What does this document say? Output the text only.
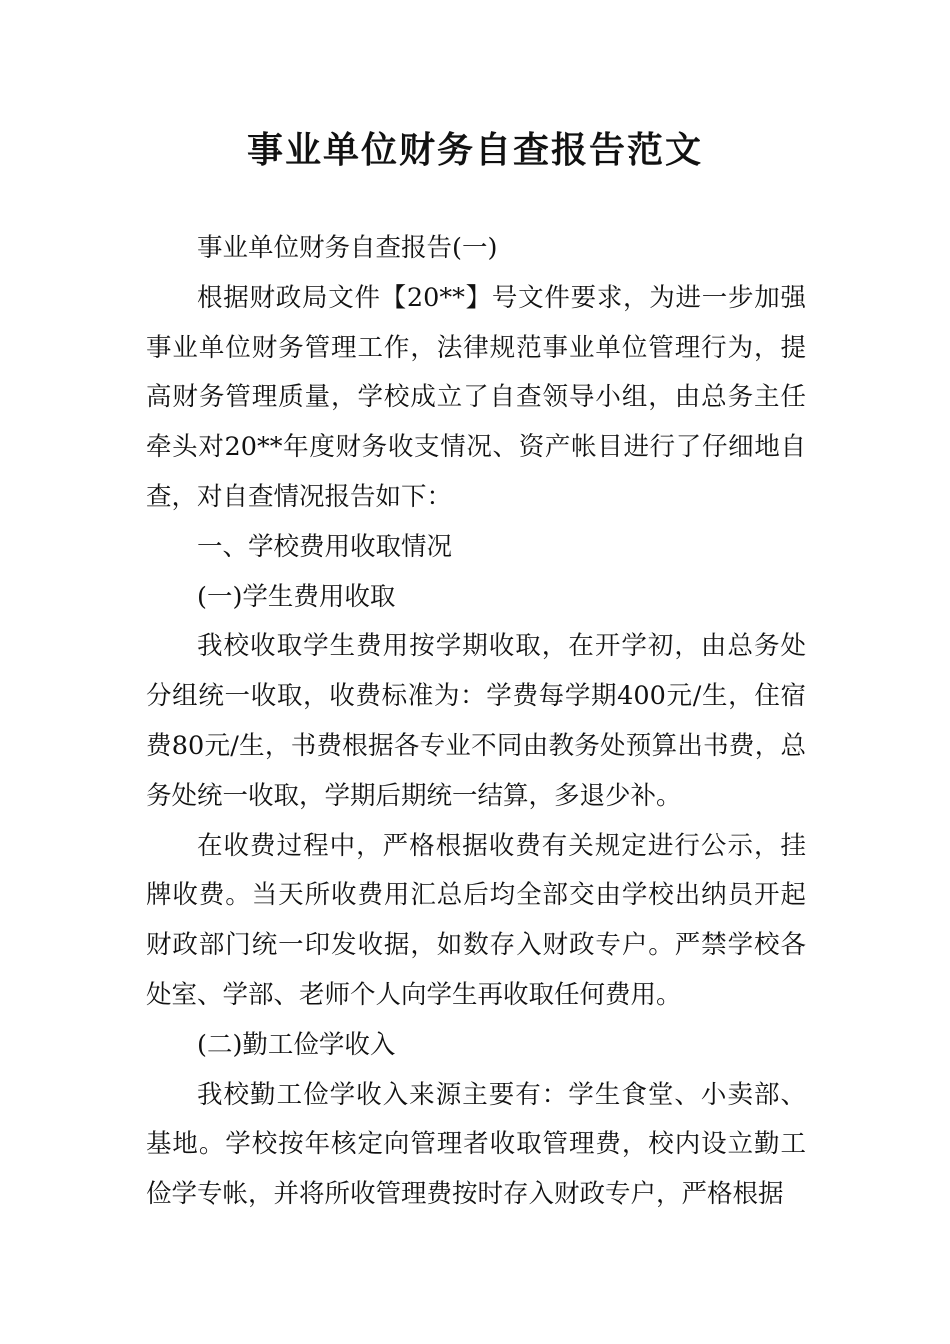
事业单位财务自查报告范文

事业单位财务自查报告(一)

根据财政局文件【20**】号文件要求，为进一步加强事业单位财务管理工作，法律规范事业单位管理行为，提高财务管理质量，学校成立了自查领导小组，由总务主任牵头对20**年度财务收支情况、资产帐目进行了仔细地自查，对自查情况报告如下：

一、学校费用收取情况

(一)学生费用收取

我校收取学生费用按学期收取，在开学初，由总务处分组统一收取，收费标准为：学费每学期400元/生，住宿费80元/生，书费根据各专业不同由教务处预算出书费，总务处统一收取，学期后期统一结算，多退少补。

在收费过程中，严格根据收费有关规定进行公示，挂牌收费。当天所收费用汇总后均全部交由学校出纳员开起财政部门统一印发收据，如数存入财政专户。严禁学校各处室、学部、老师个人向学生再收取任何费用。

(二)勤工俭学收入

我校勤工俭学收入来源主要有：学生食堂、小卖部、基地。学校按年核定向管理者收取管理费，校内设立勤工俭学专帐，并将所收管理费按时存入财政专户，严格根据
